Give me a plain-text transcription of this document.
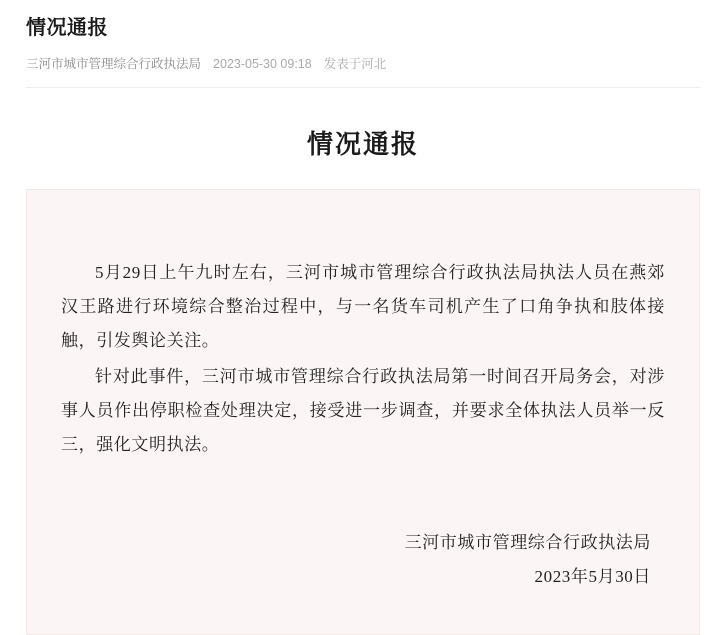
情况通报
三河市城市管理综合行政执法局 2023-05-30 09:18 发表于河北
情况通报

5月29日上午九时左右，三河市城市管理综合行政执法局执法人员在燕郊汉王路进行环境综合整治过程中，与一名货车司机产生了口角争执和肢体接触，引发舆论关注。

针对此事件，三河市城市管理综合行政执法局第一时间召开局务会，对涉事人员作出停职检查处理决定，接受进一步调查，并要求全体执法人员举一反三，强化文明执法。

三河市城市管理综合行政执法局
2023年5月30日
